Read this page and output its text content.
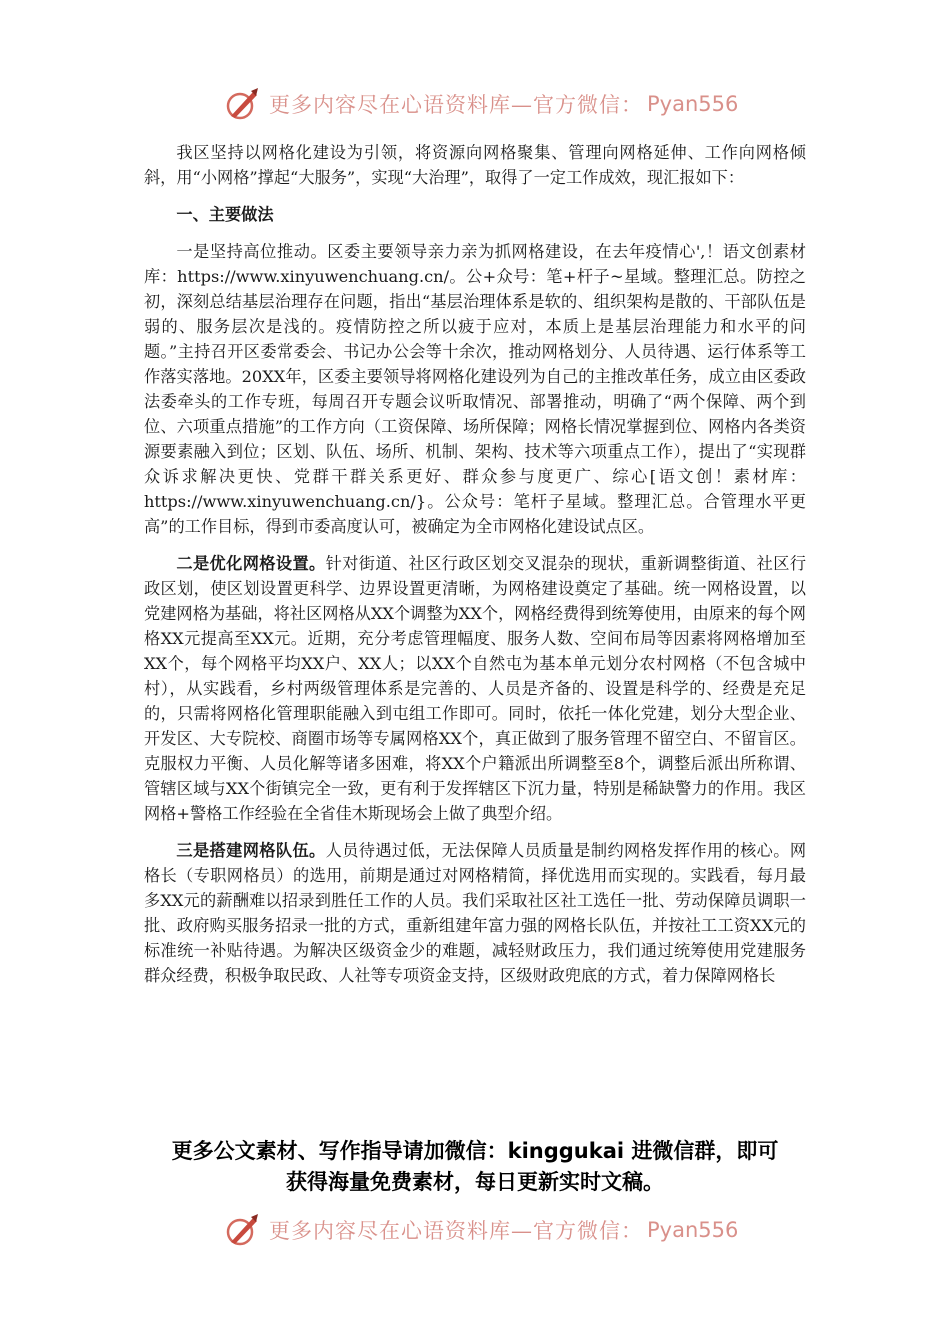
更多内容尽在心语资料库—官方微信： Pyan556

我区坚持以网格化建设为引领，将资源向网格聚集、管理向网格延伸、工作向网格倾斜，用“小网格”撑起“大服务”，实现“大治理”，取得了一定工作成效，现汇报如下：

一、主要做法

一是坚持高位推动。区委主要领导亲力亲为抓网格建设，在去年疫情心',！语文创素材库：https://www.xinyuwenchuang.cn/。公+众号：笔+杆子~星域。整理汇总。防控之初，深刻总结基层治理存在问题，指出“基层治理体系是软的、组织架构是散的、干部队伍是弱的、服务层次是浅的。疫情防控之所以疲于应对，本质上是基层治理能力和水平的问题。”主持召开区委常委会、书记办公会等十余次，推动网格划分、人员待遇、运行体系等工作落实落地。20XX年，区委主要领导将网格化建设列为自己的主推改革任务，成立由区委政法委牵头的工作专班，每周召开专题会议听取情况、部署推动，明确了“两个保障、两个到位、六项重点措施”的工作方向（工资保障、场所保障；网格长情况掌握到位、网格内各类资源要素融入到位；区划、队伍、场所、机制、架构、技术等六项重点工作），提出了“实现群众诉求解决更快、党群干群关系更好、群众参与度更广、综心[语文创！素材库：https://www.xinyuwenchuang.cn/}。公众号：笔杆子星域。整理汇总。合管理水平更高”的工作目标，得到市委高度认可，被确定为全市网格化建设试点区。

二是优化网格设置。针对街道、社区行政区划交叉混杂的现状，重新调整街道、社区行政区划，使区划设置更科学、边界设置更清晰，为网格建设奠定了基础。统一网格设置，以党建网格为基础，将社区网格从XX个调整为XX个，网格经费得到统筹使用，由原来的每个网格XX元提高至XX元。近期，充分考虑管理幅度、服务人数、空间布局等因素将网格增加至XX个，每个网格平均XX户、XX人；以XX个自然屯为基本单元划分农村网格（不包含城中村），从实践看，乡村两级管理体系是完善的、人员是齐备的、设置是科学的、经费是充足的，只需将网格化管理职能融入到屯组工作即可。同时，依托一体化党建，划分大型企业、开发区、大专院校、商圈市场等专属网格XX个，真正做到了服务管理不留空白、不留盲区。克服权力平衡、人员化解等诸多困难，将XX个户籍派出所调整至8个，调整后派出所称谓、管辖区域与XX个街镇完全一致，更有利于发挥辖区下沉力量，特别是稀缺警力的作用。我区网格+警格工作经验在全省佳木斯现场会上做了典型介绍。

三是搭建网格队伍。人员待遇过低，无法保障人员质量是制约网格发挥作用的核心。网格长（专职网格员）的选用，前期是通过对网格精简，择优选用而实现的。实践看，每月最多XX元的薪酬难以招录到胜任工作的人员。我们采取社区社工选任一批、劳动保障员调职一批、政府购买服务招录一批的方式，重新组建年富力强的网格长队伍，并按社工工资XX元的标准统一补贴待遇。为解决区级资金少的难题，减轻财政压力，我们通过统筹使用党建服务群众经费，积极争取民政、人社等专项资金支持，区级财政兜底的方式，着力保障网格长

更多公文素材、写作指导请加微信：kinggukai 进微信群，即可
获得海量免费素材，每日更新实时文稿。
更多内容尽在心语资料库—官方微信： Pyan556
